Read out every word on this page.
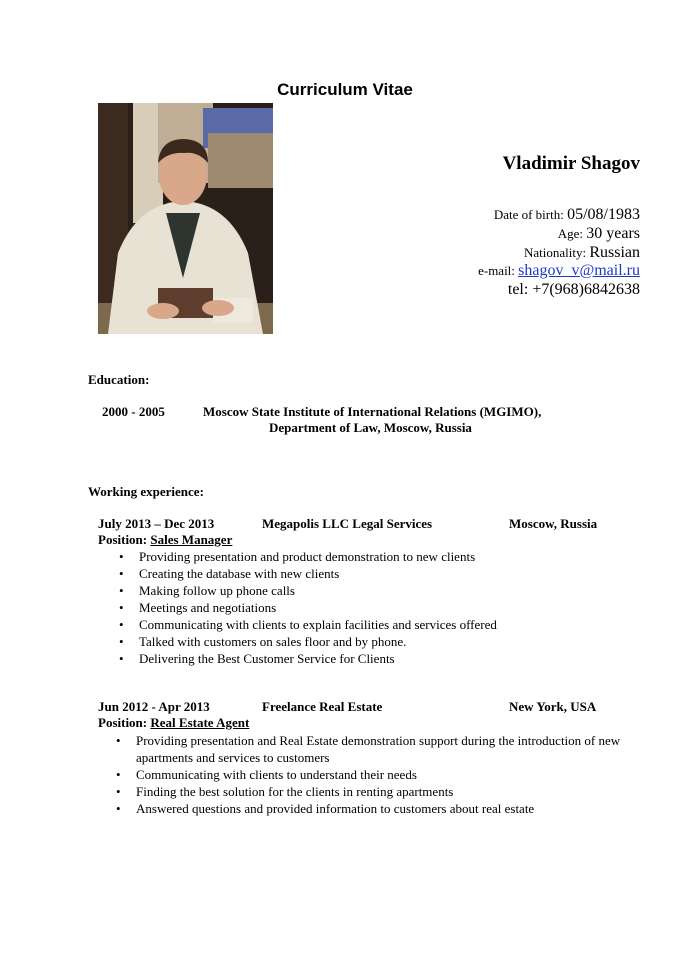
Curriculum Vitae
Vladimir Shagov
Date of birth: 05/08/1983
Age: 30 years
Nationality: Russian
e-mail: shagov_v@mail.ru
tel: +7(968)6842638
Education:
2000 - 2005	Moscow State Institute of International Relations (MGIMO),
Department of Law, Moscow, Russia
Working experience:
July 2013 – Dec 2013	Megapolis LLC Legal Services	Moscow, Russia
Position: Sales Manager
• Providing presentation and product demonstration to new clients
• Creating the database with new clients
• Making follow up phone calls
• Meetings and negotiations
• Communicating with clients to explain facilities and services offered
• Talked with customers on sales floor and by phone.
• Delivering the Best Customer Service for Clients
Jun 2012 - Apr 2013	Freelance Real Estate	New York, USA
Position: Real Estate Agent
• Providing presentation and Real Estate demonstration support during the introduction of new apartments and services to customers
• Communicating with clients to understand their needs
• Finding the best solution for the clients in renting apartments
• Answered questions and provided information to customers about real estate
